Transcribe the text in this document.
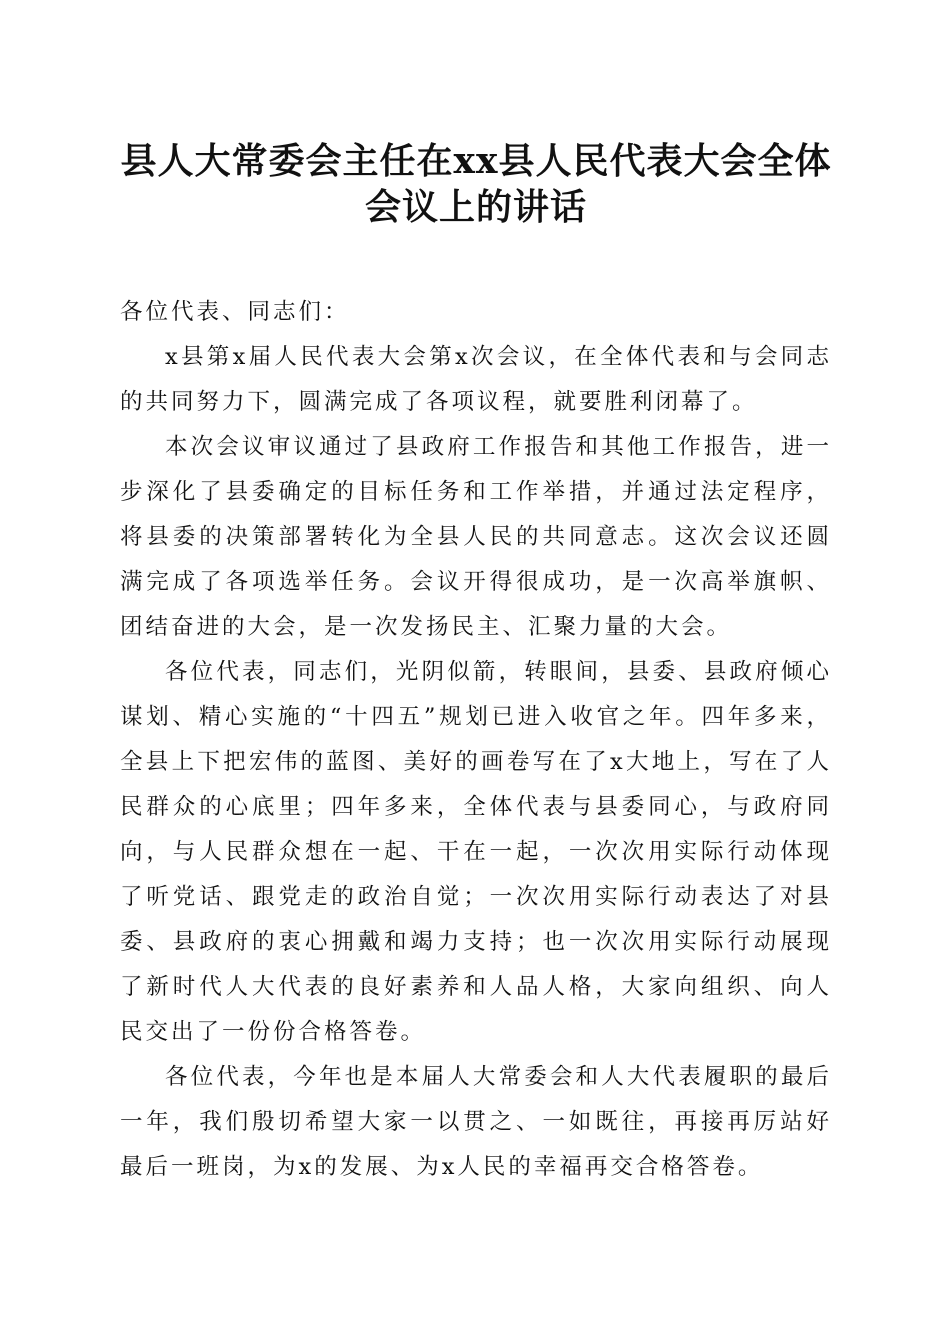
县人大常委会主任在xx县人民代表大会全体
会议上的讲话

各位代表、同志们：

x县第x届人民代表大会第x次会议，在全体代表和与会同志的共同努力下，圆满完成了各项议程，就要胜利闭幕了。

本次会议审议通过了县政府工作报告和其他工作报告，进一步深化了县委确定的目标任务和工作举措，并通过法定程序，将县委的决策部署转化为全县人民的共同意志。这次会议还圆满完成了各项选举任务。会议开得很成功，是一次高举旗帜、团结奋进的大会，是一次发扬民主、汇聚力量的大会。

各位代表，同志们，光阴似箭，转眼间，县委、县政府倾心谋划、精心实施的“十四五”规划已进入收官之年。四年多来，全县上下把宏伟的蓝图、美好的画卷写在了x大地上，写在了人民群众的心底里；四年多来，全体代表与县委同心，与政府同向，与人民群众想在一起、干在一起，一次次用实际行动体现了听党话、跟党走的政治自觉；一次次用实际行动表达了对县委、县政府的衷心拥戴和竭力支持；也一次次用实际行动展现了新时代人大代表的良好素养和人品人格，大家向组织、向人民交出了一份份合格答卷。

各位代表，今年也是本届人大常委会和人大代表履职的最后一年，我们殷切希望大家一以贯之、一如既往，再接再厉站好最后一班岗，为x的发展、为x人民的幸福再交合格答卷。
